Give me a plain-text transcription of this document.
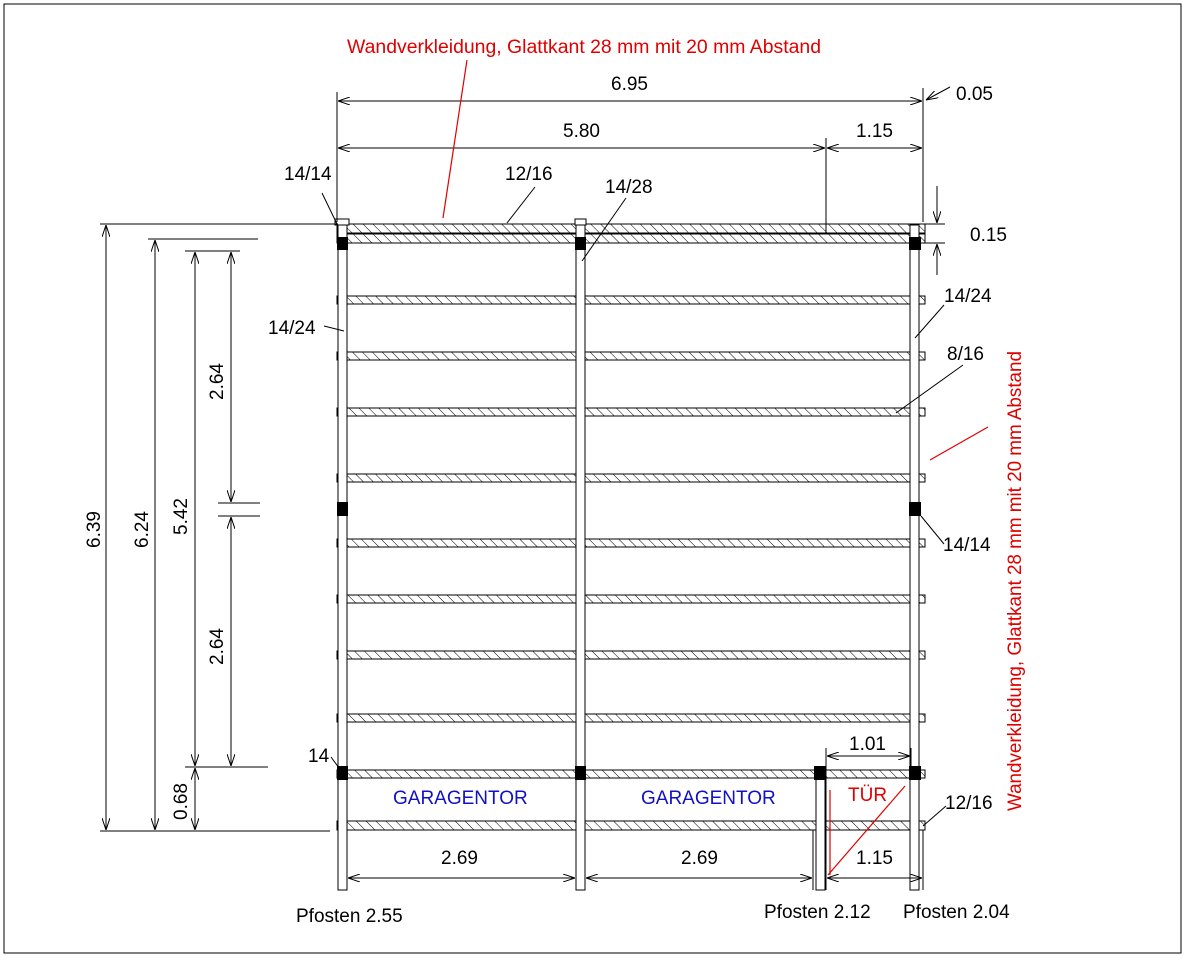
Wandverkleidung, Glattkant 28 mm mit 20 mm Abstand
Wandverkleidung, Glattkant 28 mm mit 20 mm Abstand
TÜR
GARAGENTOR	GARAGENTOR
Pfosten 2.55	Pfosten 2.12 Pfosten 2.04
14/14	12/16
14/28
14/24
14/24
8/16
14/14
14
12/16
6.95	0.05
5.80	1.15
0.15
1.01
2.69	2.69	1.15
6.39 6.24 5.42
2.64
2.64
0.68
